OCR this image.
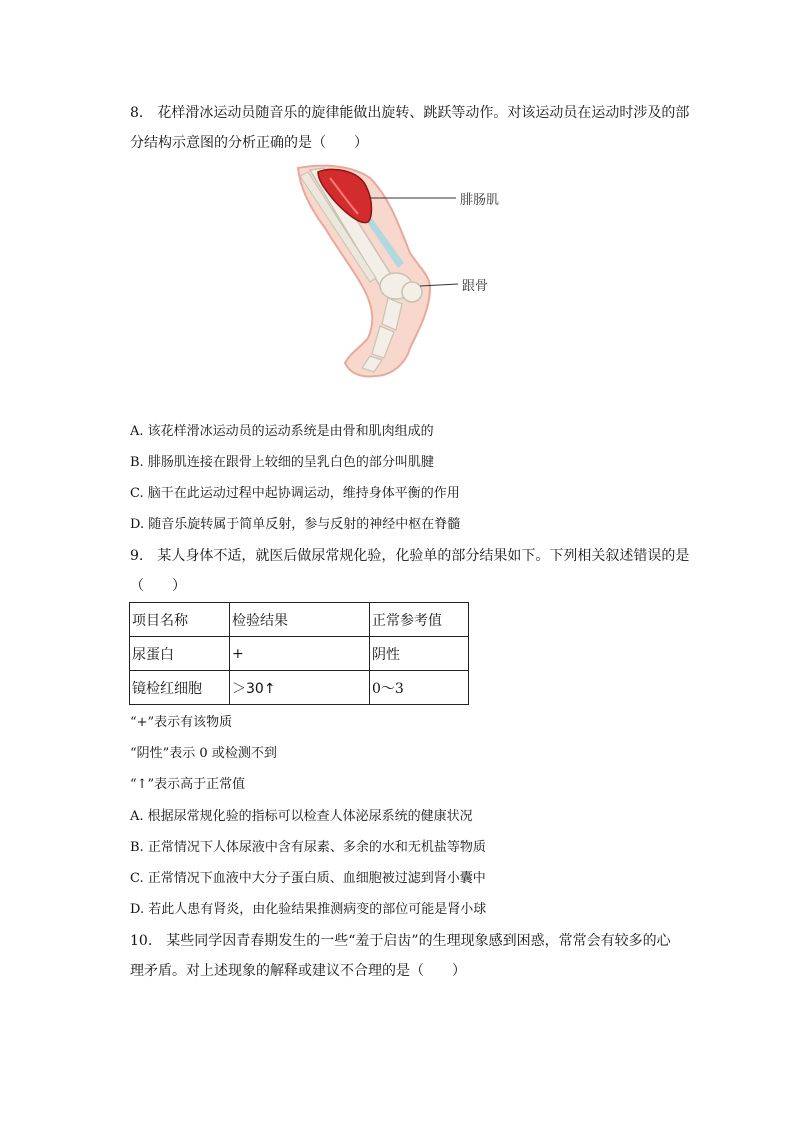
8.　花样滑冰运动员随音乐的旋律能做出旋转、跳跃等动作。对该运动员在运动时涉及的部
分结构示意图的分析正确的是（　　）
腓肠肌
跟骨
A. 该花样滑冰运动员的运动系统是由骨和肌肉组成的
B. 腓肠肌连接在跟骨上较细的呈乳白色的部分叫肌腱
C. 脑干在此运动过程中起协调运动，维持身体平衡的作用
D. 随音乐旋转属于简单反射，参与反射的神经中枢在脊髓
9.　某人身体不适，就医后做尿常规化验，化验单的部分结果如下。下列相关叙述错误的是
（　　）
项目名称	检验结果	正常参考值
尿蛋白	+	阴性
镜检红细胞	＞30↑	0～3
“+”表示有该物质
“阴性”表示 0 或检测不到
“↑”表示高于正常值
A. 根据尿常规化验的指标可以检查人体泌尿系统的健康状况
B. 正常情况下人体尿液中含有尿素、多余的水和无机盐等物质
C. 正常情况下血液中大分子蛋白质、血细胞被过滤到肾小囊中
D. 若此人患有肾炎，由化验结果推测病变的部位可能是肾小球
10.　某些同学因青春期发生的一些“羞于启齿”的生理现象感到困惑，常常会有较多的心
理矛盾。对上述现象的解释或建议不合理的是（　　）
